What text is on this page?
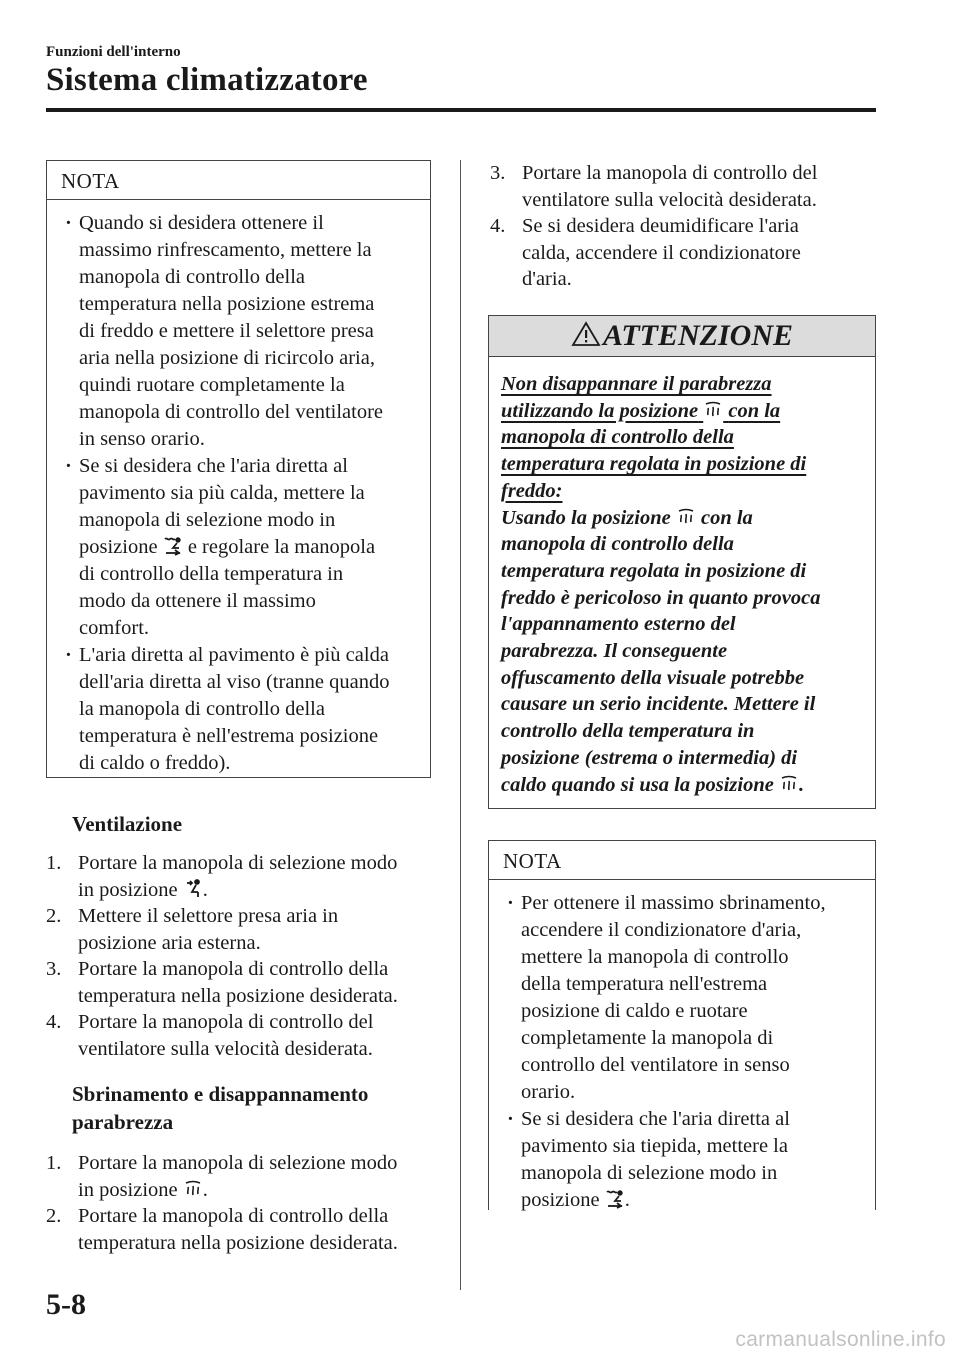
Funzioni dell'interno
Sistema climatizzatore
NOTA
· Quando si desidera ottenere il
massimo rinfrescamento, mettere la
manopola di controllo della
temperatura nella posizione estrema
di freddo e mettere il selettore presa
aria nella posizione di ricircolo aria,
quindi ruotare completamente la
manopola di controllo del ventilatore
in senso orario.
· Se si desidera che l'aria diretta al
pavimento sia più calda, mettere la
manopola di selezione modo in
posizione e regolare la manopola
di controllo della temperatura in
modo da ottenere il massimo
comfort.
· L'aria diretta al pavimento è più calda
dell'aria diretta al viso (tranne quando
la manopola di controllo della
temperatura è nell'estrema posizione
di caldo o freddo).
Ventilazione
1. Portare la manopola di selezione modo
in posizione .
2. Mettere il selettore presa aria in
posizione aria esterna.
3. Portare la manopola di controllo della
temperatura nella posizione desiderata.
4. Portare la manopola di controllo del
ventilatore sulla velocità desiderata.
Sbrinamento e disappannamento
parabrezza
1. Portare la manopola di selezione modo
in posizione .
2. Portare la manopola di controllo della
temperatura nella posizione desiderata.
3. Portare la manopola di controllo del
ventilatore sulla velocità desiderata.
4. Se si desidera deumidificare l'aria
calda, accendere il condizionatore
d'aria.
ATTENZIONE
Non disappannare il parabrezza
utilizzando la posizione con la
manopola di controllo della
temperatura regolata in posizione di
freddo:
Usando la posizione con la
manopola di controllo della
temperatura regolata in posizione di
freddo è pericoloso in quanto provoca
l'appannamento esterno del
parabrezza. Il conseguente
offuscamento della visuale potrebbe
causare un serio incidente. Mettere il
controllo della temperatura in
posizione (estrema o intermedia) di
caldo quando si usa la posizione .
NOTA
· Per ottenere il massimo sbrinamento,
accendere il condizionatore d'aria,
mettere la manopola di controllo
della temperatura nell'estrema
posizione di caldo e ruotare
completamente la manopola di
controllo del ventilatore in senso
orario.
· Se si desidera che l'aria diretta al
pavimento sia tiepida, mettere la
manopola di selezione modo in
posizione .
5-8
carmanualsonline.info
